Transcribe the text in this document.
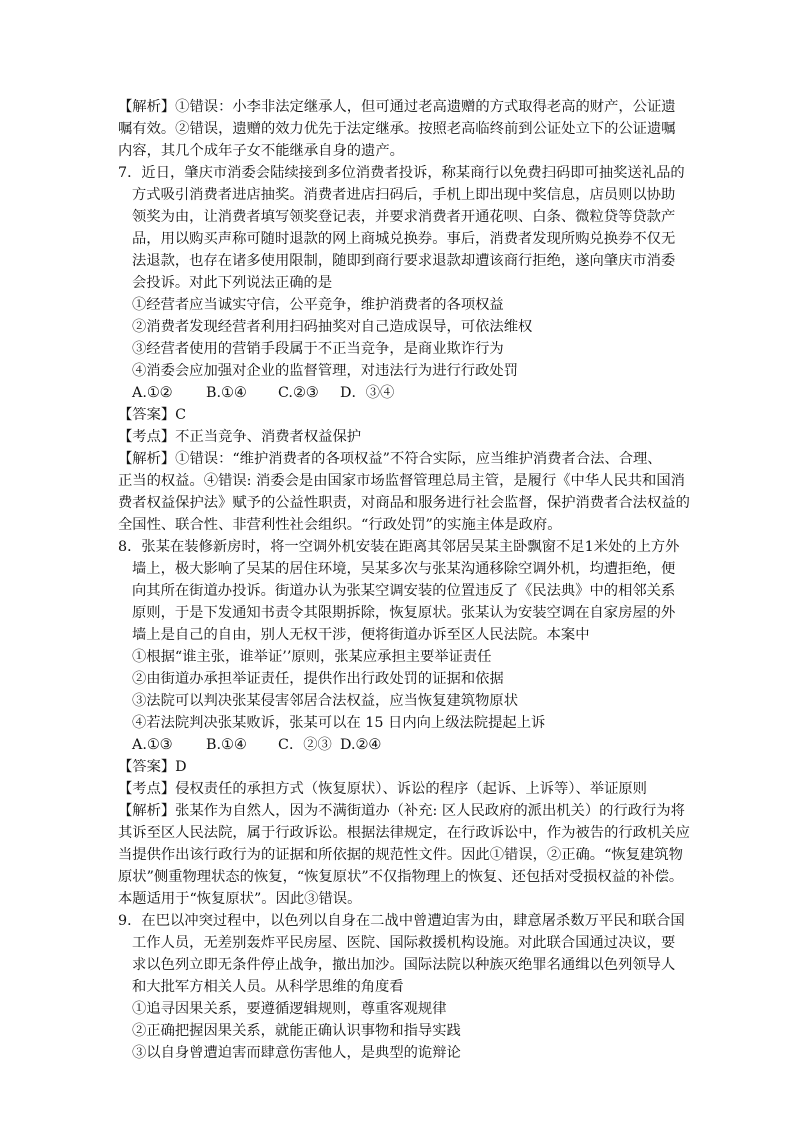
【解析】①错误：小李非法定继承人，但可通过老高遗赠的方式取得老高的财产，公证遗
嘱有效。②错误，遗赠的效力优先于法定继承。按照老高临终前到公证处立下的公证遗嘱
内容，其几个成年子女不能继承自身的遗产。
7．近日，肇庆市消委会陆续接到多位消费者投诉，称某商行以免费扫码即可抽奖送礼品的
方式吸引消费者进店抽奖。消费者进店扫码后，手机上即出现中奖信息，店员则以协助
领奖为由，让消费者填写领奖登记表，并要求消费者开通花呗、白条、微粒贷等贷款产
品，用以购买声称可随时退款的网上商城兑换券。事后，消费者发现所购兑换券不仅无
法退款，也存在诸多使用限制，随即到商行要求退款却遭该商行拒绝，遂向肇庆市消委
会投诉。对此下列说法正确的是
①经营者应当诚实守信，公平竞争，维护消费者的各项权益
②消费者发现经营者利用扫码抽奖对自己造成误导，可依法维权
③经营者使用的营销手段属于不正当竞争，是商业欺诈行为
④消委会应加强对企业的监督管理，对违法行为进行行政处罚
A.①② B.①④ C.②③ D．③④
【答案】C
【考点】不正当竞争、消费者权益保护
【解析】①错误：“维护消费者的各项权益”不符合实际，应当维护消费者合法、合理、
正当的权益。④错误: 消委会是由国家市场监督管理总局主管，是履行《中华人民共和国消
费者权益保护法》赋予的公益性职责，对商品和服务进行社会监督，保护消费者合法权益的
全国性、联合性、非营利性社会组织。“行政处罚”的实施主体是政府。
8．张某在装修新房时，将一空调外机安装在距离其邻居吴某主卧飘窗不足1米处的上方外
墙上，极大影响了吴某的居住环境，吴某多次与张某沟通移除空调外机，均遭拒绝，便
向其所在街道办投诉。街道办认为张某空调安装的位置违反了《民法典》中的相邻关系
原则，于是下发通知书责令其限期拆除，恢复原状。张某认为安装空调在自家房屋的外
墙上是自己的自由，别人无权干涉，便将街道办诉至区人民法院。本案中
①根据“谁主张，谁举证’’原则，张某应承担主要举证责任
②由街道办承担举证责任，提供作出行政处罚的证据和依据
③法院可以判决张某侵害邻居合法权益，应当恢复建筑物原状
④若法院判决张某败诉，张某可以在 15 日内向上级法院提起上诉
A.①③ B.①④ C．②③ D.②④
【答案】D
【考点】侵权责任的承担方式（恢复原状）、诉讼的程序（起诉、上诉等）、举证原则
【解析】张某作为自然人，因为不满街道办（补充: 区人民政府的派出机关）的行政行为将
其诉至区人民法院，属于行政诉讼。根据法律规定，在行政诉讼中，作为被告的行政机关应
当提供作出该行政行为的证据和所依据的规范性文件。因此①错误，②正确。“恢复建筑物
原状”侧重物理状态的恢复，“恢复原状”不仅指物理上的恢复、还包括对受损权益的补偿。
本题适用于“恢复原状”。因此③错误。
9．在巴以冲突过程中，以色列以自身在二战中曾遭迫害为由，肆意屠杀数万平民和联合国
工作人员，无差别轰炸平民房屋、医院、国际救援机构设施。对此联合国通过决议，要
求以色列立即无条件停止战争，撤出加沙。国际法院以种族灭绝罪名通缉以色列领导人
和大批军方相关人员。从科学思维的角度看
①追寻因果关系，要遵循逻辑规则，尊重客观规律
②正确把握因果关系，就能正确认识事物和指导实践
③以自身曾遭迫害而肆意伤害他人，是典型的诡辩论
